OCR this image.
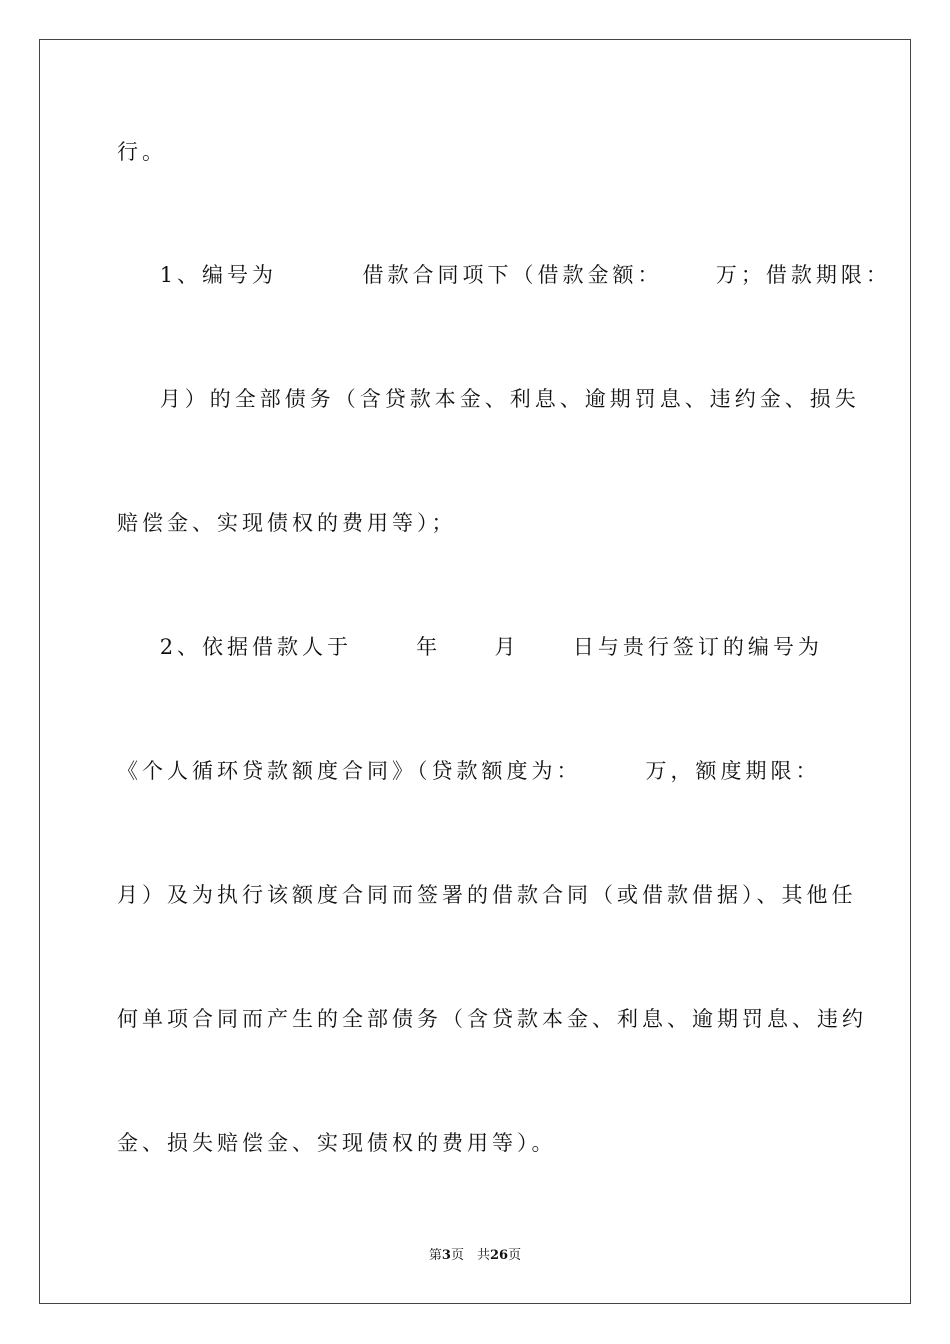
行。
1、编号为        借款合同项下（借款金额：     万；借款期限：
月）的全部债务（含贷款本金、利息、逾期罚息、违约金、损失
赔偿金、实现债权的费用等）；
2、依据借款人于      年     月     日与贵行签订的编号为
《个人循环贷款额度合同》（贷款额度为：      万，额度期限：
月）及为执行该额度合同而签署的借款合同（或借款借据）、其他任
何单项合同而产生的全部债务（含贷款本金、利息、逾期罚息、违约
金、损失赔偿金、实现债权的费用等）。
第3页　共26页
